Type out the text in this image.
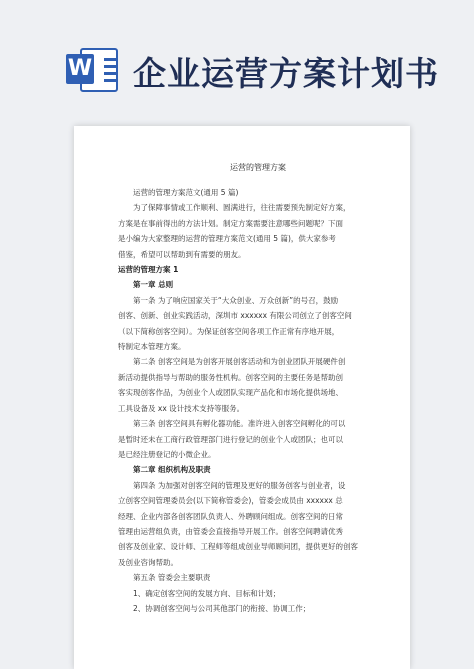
W 企业运营方案计划书
运营的管理方案

运营的管理方案范文(通用 5 篇)

为了保障事情或工作顺利、圆满进行，往往需要预先制定好方案，

方案是在事前得出的方法计划。制定方案需要注意哪些问题呢？下面

是小编为大家整理的运营的管理方案范文(通用 5 篇)，供大家参考

借鉴，希望可以帮助到有需要的朋友。

运营的管理方案 1

第一章 总则

第一条 为了响应国家关于“大众创业、万众创新”的号召，鼓励

创客、创新、创业实践活动，深圳市 xxxxxx 有限公司创立了创客空间

（以下简称创客空间）。为保证创客空间各项工作正常有序地开展，

特制定本管理方案。

第二条 创客空间是为创客开展创客活动和为创业团队开展硬件创

新活动提供指导与帮助的服务性机构。创客空间的主要任务是帮助创

客实现创客作品，为创业个人或团队实现产品化和市场化提供场地、

工具设备及 xx 设计技术支持等服务。

第三条 创客空间具有孵化器功能。准许进入创客空间孵化的可以

是暂时还未在工商行政管理部门进行登记的创业个人或团队；也可以

是已经注册登记的小微企业。

第二章 组织机构及职责

第四条 为加强对创客空间的管理及更好的服务创客与创业者，设

立创客空间管理委员会(以下简称管委会)，管委会成员由 xxxxxx 总

经理、企业内部各创客团队负责人、外聘顾问组成。创客空间的日常

管理由运营组负责，由管委会直接指导开展工作。创客空间聘请优秀

创客及创业家、设计师、工程师等组成创业导师顾问团，提供更好的创客

及创业咨询帮助。

第五条 管委会主要职责

1、确定创客空间的发展方向、目标和计划；

2、协调创客空间与公司其他部门的衔接、协调工作；
